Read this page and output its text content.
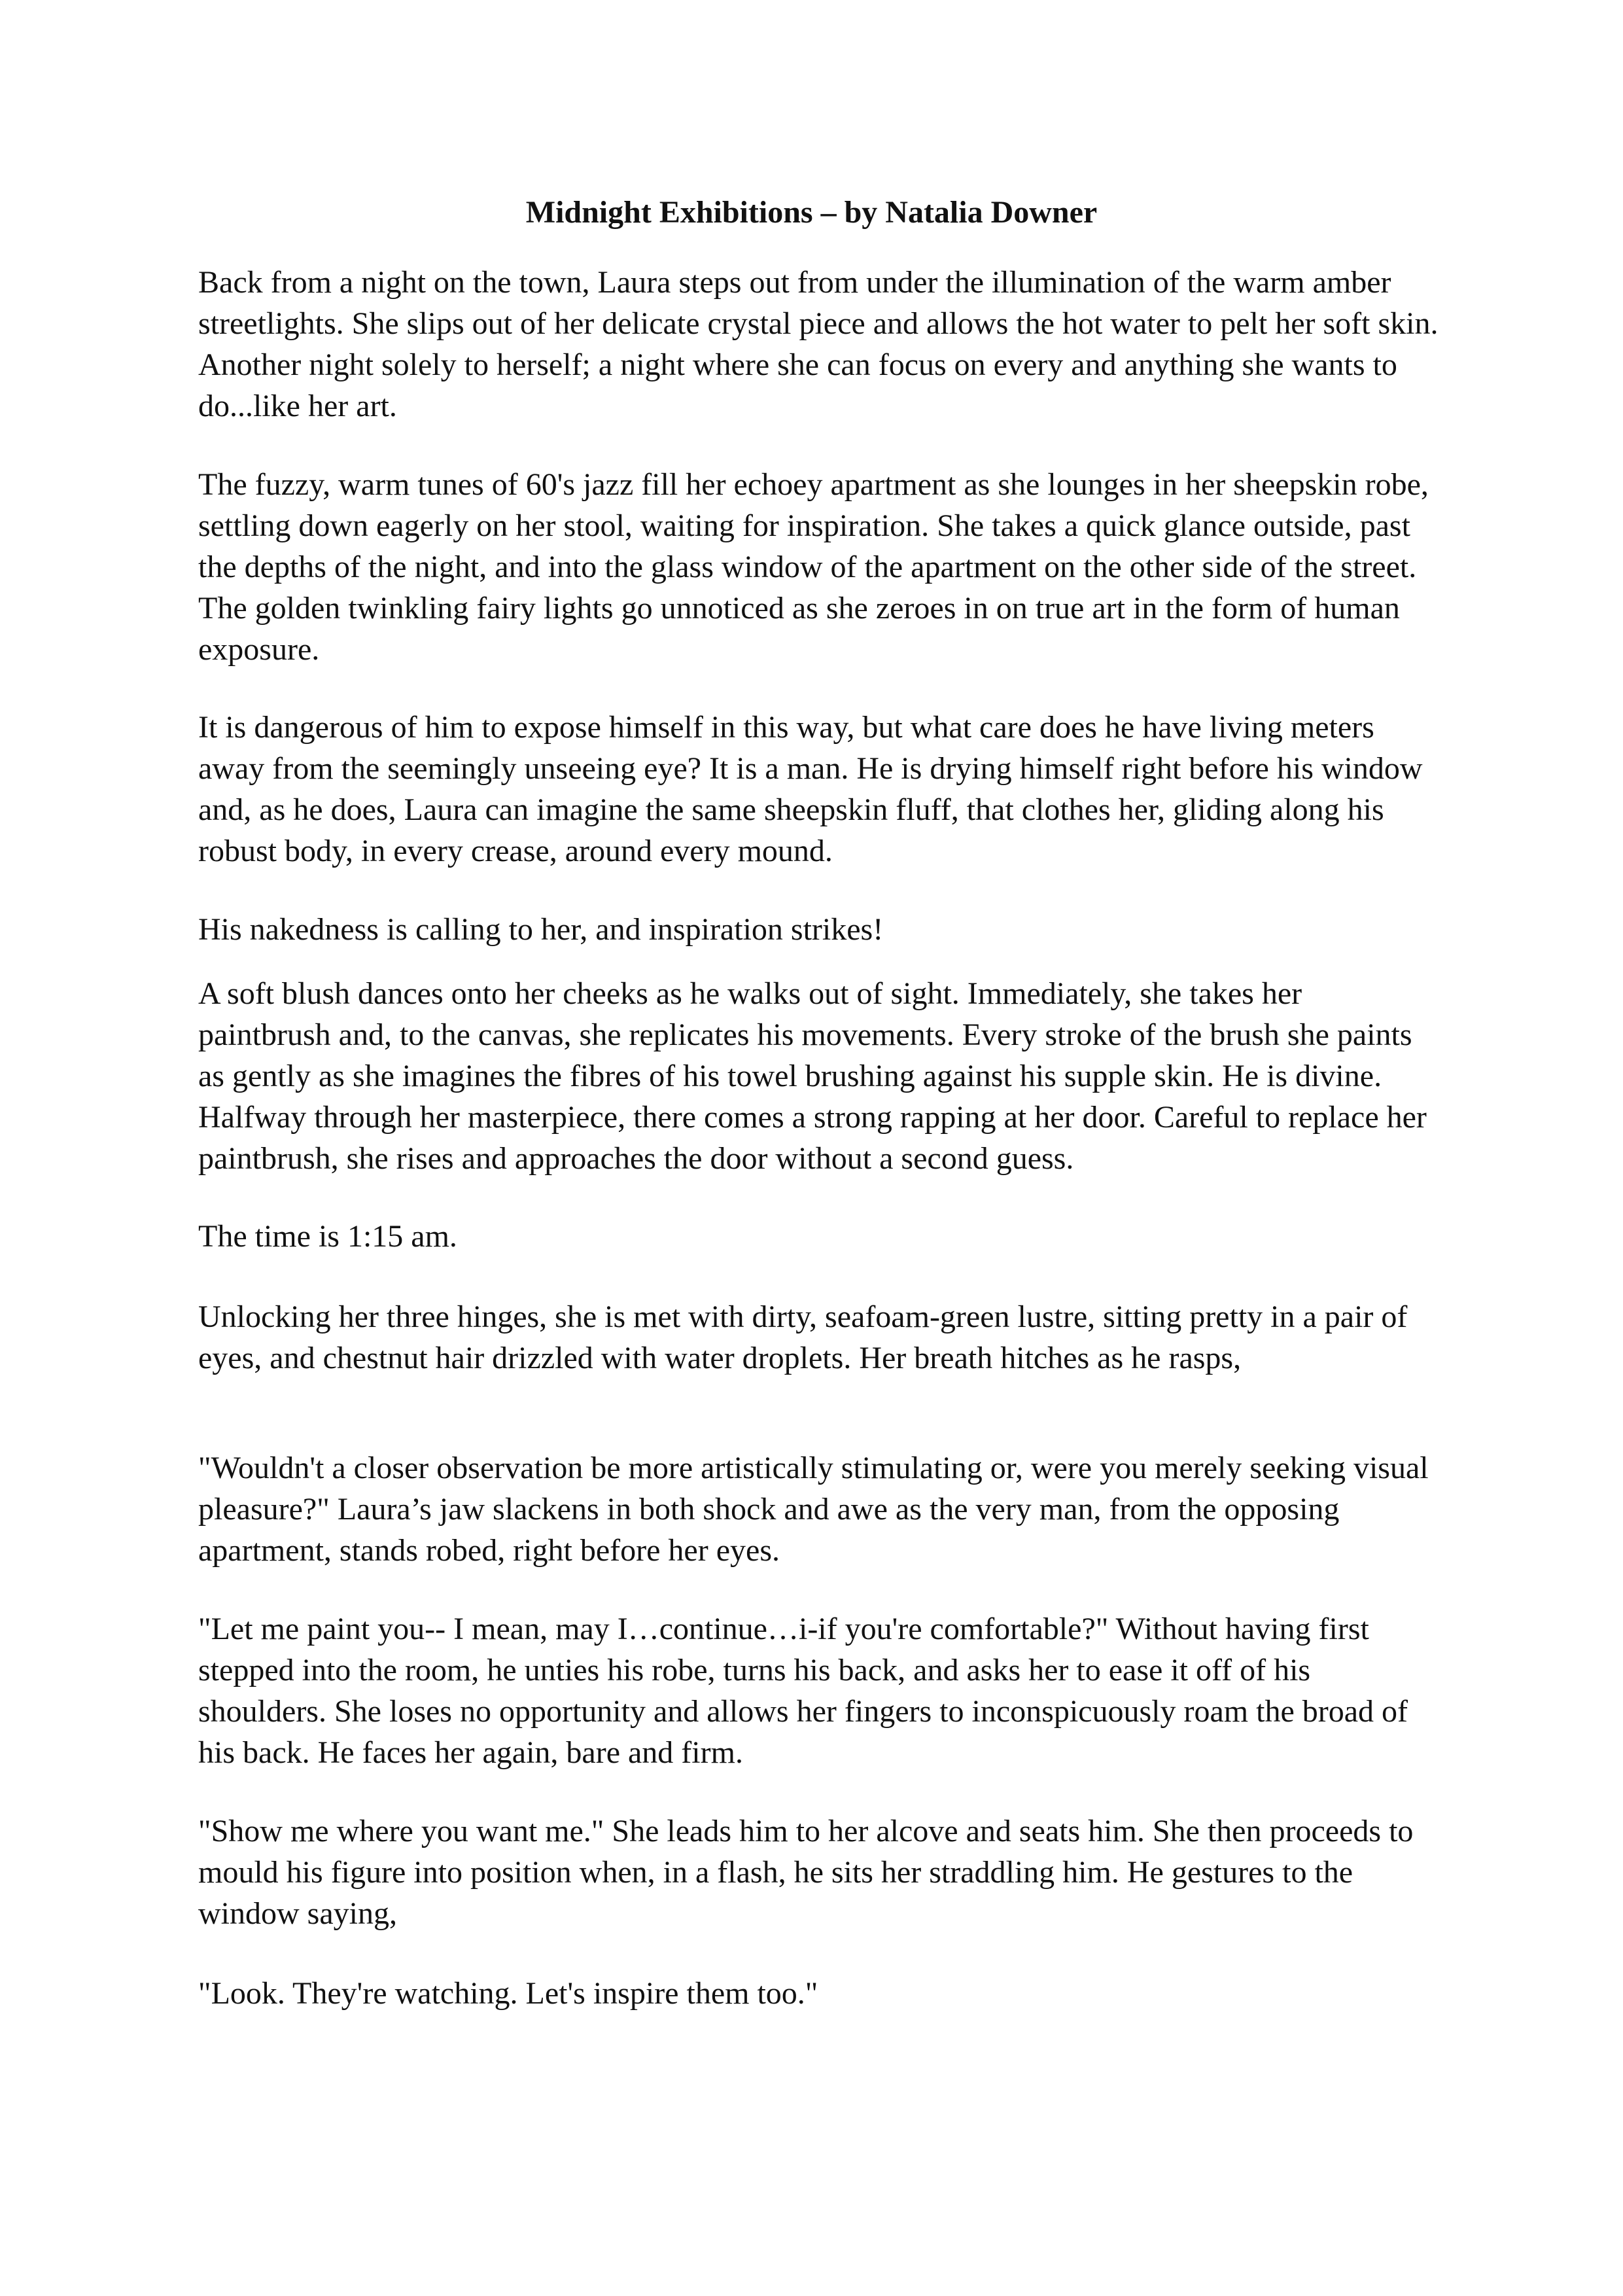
Midnight Exhibitions – by Natalia Downer

Back from a night on the town, Laura steps out from under the illumination of the warm amber streetlights. She slips out of her delicate crystal piece and allows the hot water to pelt her soft skin. Another night solely to herself; a night where she can focus on every and anything she wants to do...like her art.

The fuzzy, warm tunes of 60's jazz fill her echoey apartment as she lounges in her sheepskin robe, settling down eagerly on her stool, waiting for inspiration. She takes a quick glance outside, past the depths of the night, and into the glass window of the apartment on the other side of the street. The golden twinkling fairy lights go unnoticed as she zeroes in on true art in the form of human exposure.

It is dangerous of him to expose himself in this way, but what care does he have living meters away from the seemingly unseeing eye? It is a man. He is drying himself right before his window and, as he does, Laura can imagine the same sheepskin fluff, that clothes her, gliding along his robust body, in every crease, around every mound.

His nakedness is calling to her, and inspiration strikes!

A soft blush dances onto her cheeks as he walks out of sight. Immediately, she takes her paintbrush and, to the canvas, she replicates his movements. Every stroke of the brush she paints as gently as she imagines the fibres of his towel brushing against his supple skin. He is divine. Halfway through her masterpiece, there comes a strong rapping at her door. Careful to replace her paintbrush, she rises and approaches the door without a second guess.

The time is 1:15 am.

Unlocking her three hinges, she is met with dirty, seafoam-green lustre, sitting pretty in a pair of eyes, and chestnut hair drizzled with water droplets. Her breath hitches as he rasps,

"Wouldn't a closer observation be more artistically stimulating or, were you merely seeking visual pleasure?" Laura’s jaw slackens in both shock and awe as the very man, from the opposing apartment, stands robed, right before her eyes.

"Let me paint you-- I mean, may I…continue…i-if you're comfortable?" Without having first stepped into the room, he unties his robe, turns his back, and asks her to ease it off of his shoulders. She loses no opportunity and allows her fingers to inconspicuously roam the broad of his back. He faces her again, bare and firm.

"Show me where you want me." She leads him to her alcove and seats him. She then proceeds to mould his figure into position when, in a flash, he sits her straddling him. He gestures to the window saying,

"Look. They're watching. Let's inspire them too."
